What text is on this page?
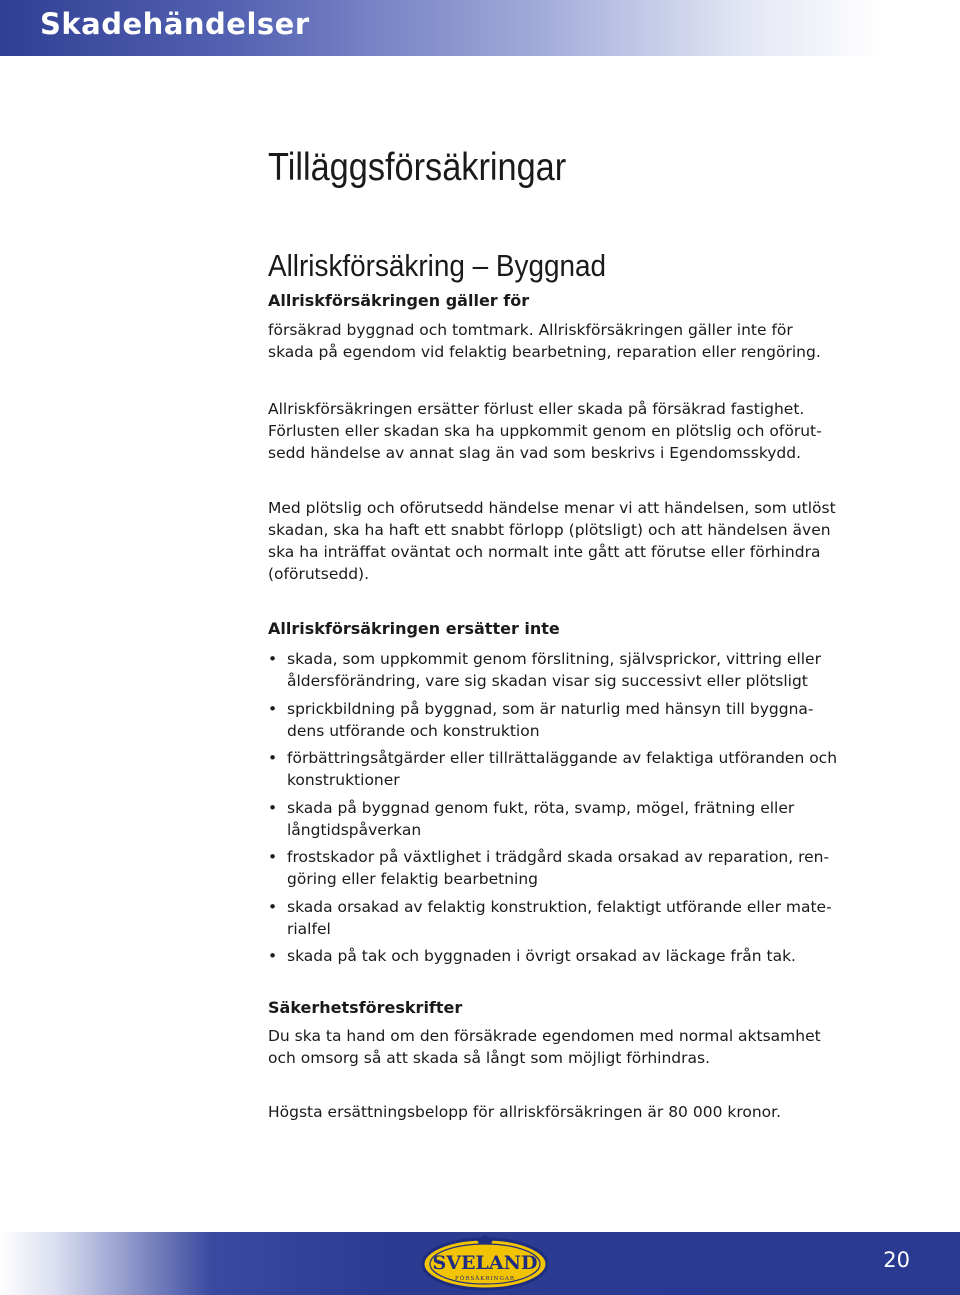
Skadehändelser
Tilläggsförsäkringar
Allriskförsäkring – Byggnad

Allriskförsäkringen gäller för

försäkrad byggnad och tomtmark. Allriskförsäkringen gäller inte för

skada på egendom vid felaktig bearbetning, reparation eller rengöring.

Allriskförsäkringen ersätter förlust eller skada på försäkrad fastighet.

Förlusten eller skadan ska ha uppkommit genom en plötslig och oförut-

sedd händelse av annat slag än vad som beskrivs i Egendomsskydd.

Med plötslig och oförutsedd händelse menar vi att händelsen, som utlöst

skadan, ska ha haft ett snabbt förlopp (plötsligt) och att händelsen även

ska ha inträffat oväntat och normalt inte gått att förutse eller förhindra

(oförutsedd).

Allriskförsäkringen ersätter inte

• skada, som uppkommit genom förslitning, självsprickor, vittring eller
åldersförändring, vare sig skadan visar sig successivt eller plötsligt
• sprickbildning på byggnad, som är naturlig med hänsyn till byggna-
dens utförande och konstruktion
• förbättringsåtgärder eller tillrättaläggande av felaktiga utföranden och
konstruktioner
• skada på byggnad genom fukt, röta, svamp, mögel, frätning eller
långtidspåverkan
• frostskador på växtlighet i trädgård skada orsakad av reparation, ren-
göring eller felaktig bearbetning
• skada orsakad av felaktig konstruktion, felaktigt utförande eller mate-
rialfel
• skada på tak och byggnaden i övrigt orsakad av läckage från tak.

Säkerhetsföreskrifter

Du ska ta hand om den försäkrade egendomen med normal aktsamhet

och omsorg så att skada så långt som möjligt förhindras.

Högsta ersättningsbelopp för allriskförsäkringen är 80 000 kronor.

SVELAND
FÖRSÄKRINGAR
20
